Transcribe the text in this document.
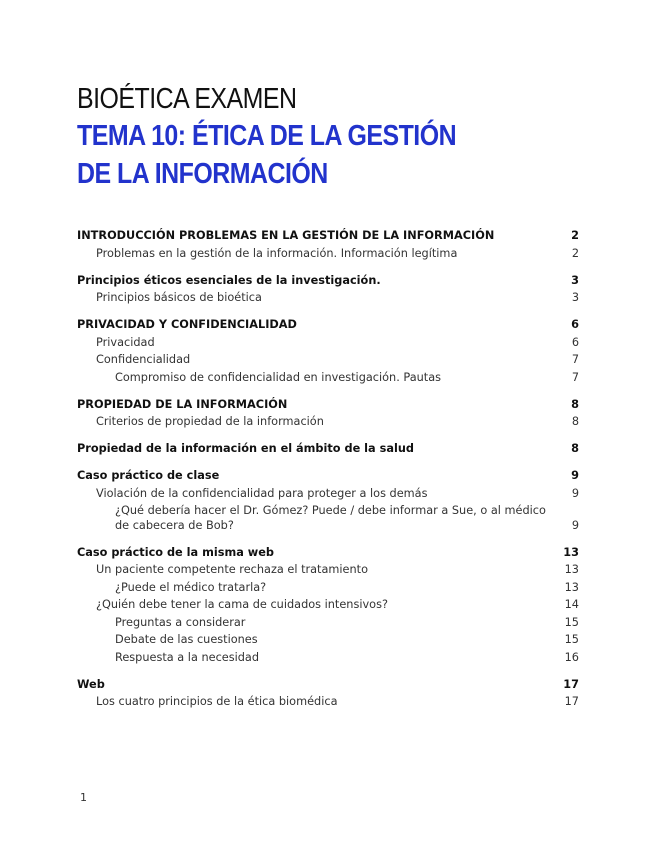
BIOÉTICA EXAMEN
TEMA 10: ÉTICA DE LA GESTIÓN DE LA INFORMACIÓN
INTRODUCCIÓN PROBLEMAS EN LA GESTIÓN DE LA INFORMACIÓN	2
Problemas en la gestión de la información. Información legítima	2
Principios éticos esenciales de la investigación.	3
Principios básicos de bioética	3
PRIVACIDAD Y CONFIDENCIALIDAD	6
Privacidad	6
Confidencialidad	7
Compromiso de confidencialidad en investigación. Pautas	7
PROPIEDAD DE LA INFORMACIÓN	8
Criterios de propiedad de la información	8
Propiedad de la información en el ámbito de la salud	8
Caso práctico de clase	9
Violación de la confidencialidad para proteger a los demás	9
¿Qué debería hacer el Dr. Gómez? Puede / debe informar a Sue, o al médico de cabecera de Bob?	9
Caso práctico de la misma web	13
Un paciente competente rechaza el tratamiento	13
¿Puede el médico tratarla?	13
¿Quién debe tener la cama de cuidados intensivos?	14
Preguntas a considerar	15
Debate de las cuestiones	15
Respuesta a la necesidad	16
Web	17
Los cuatro principios de la ética biomédica	17
1
